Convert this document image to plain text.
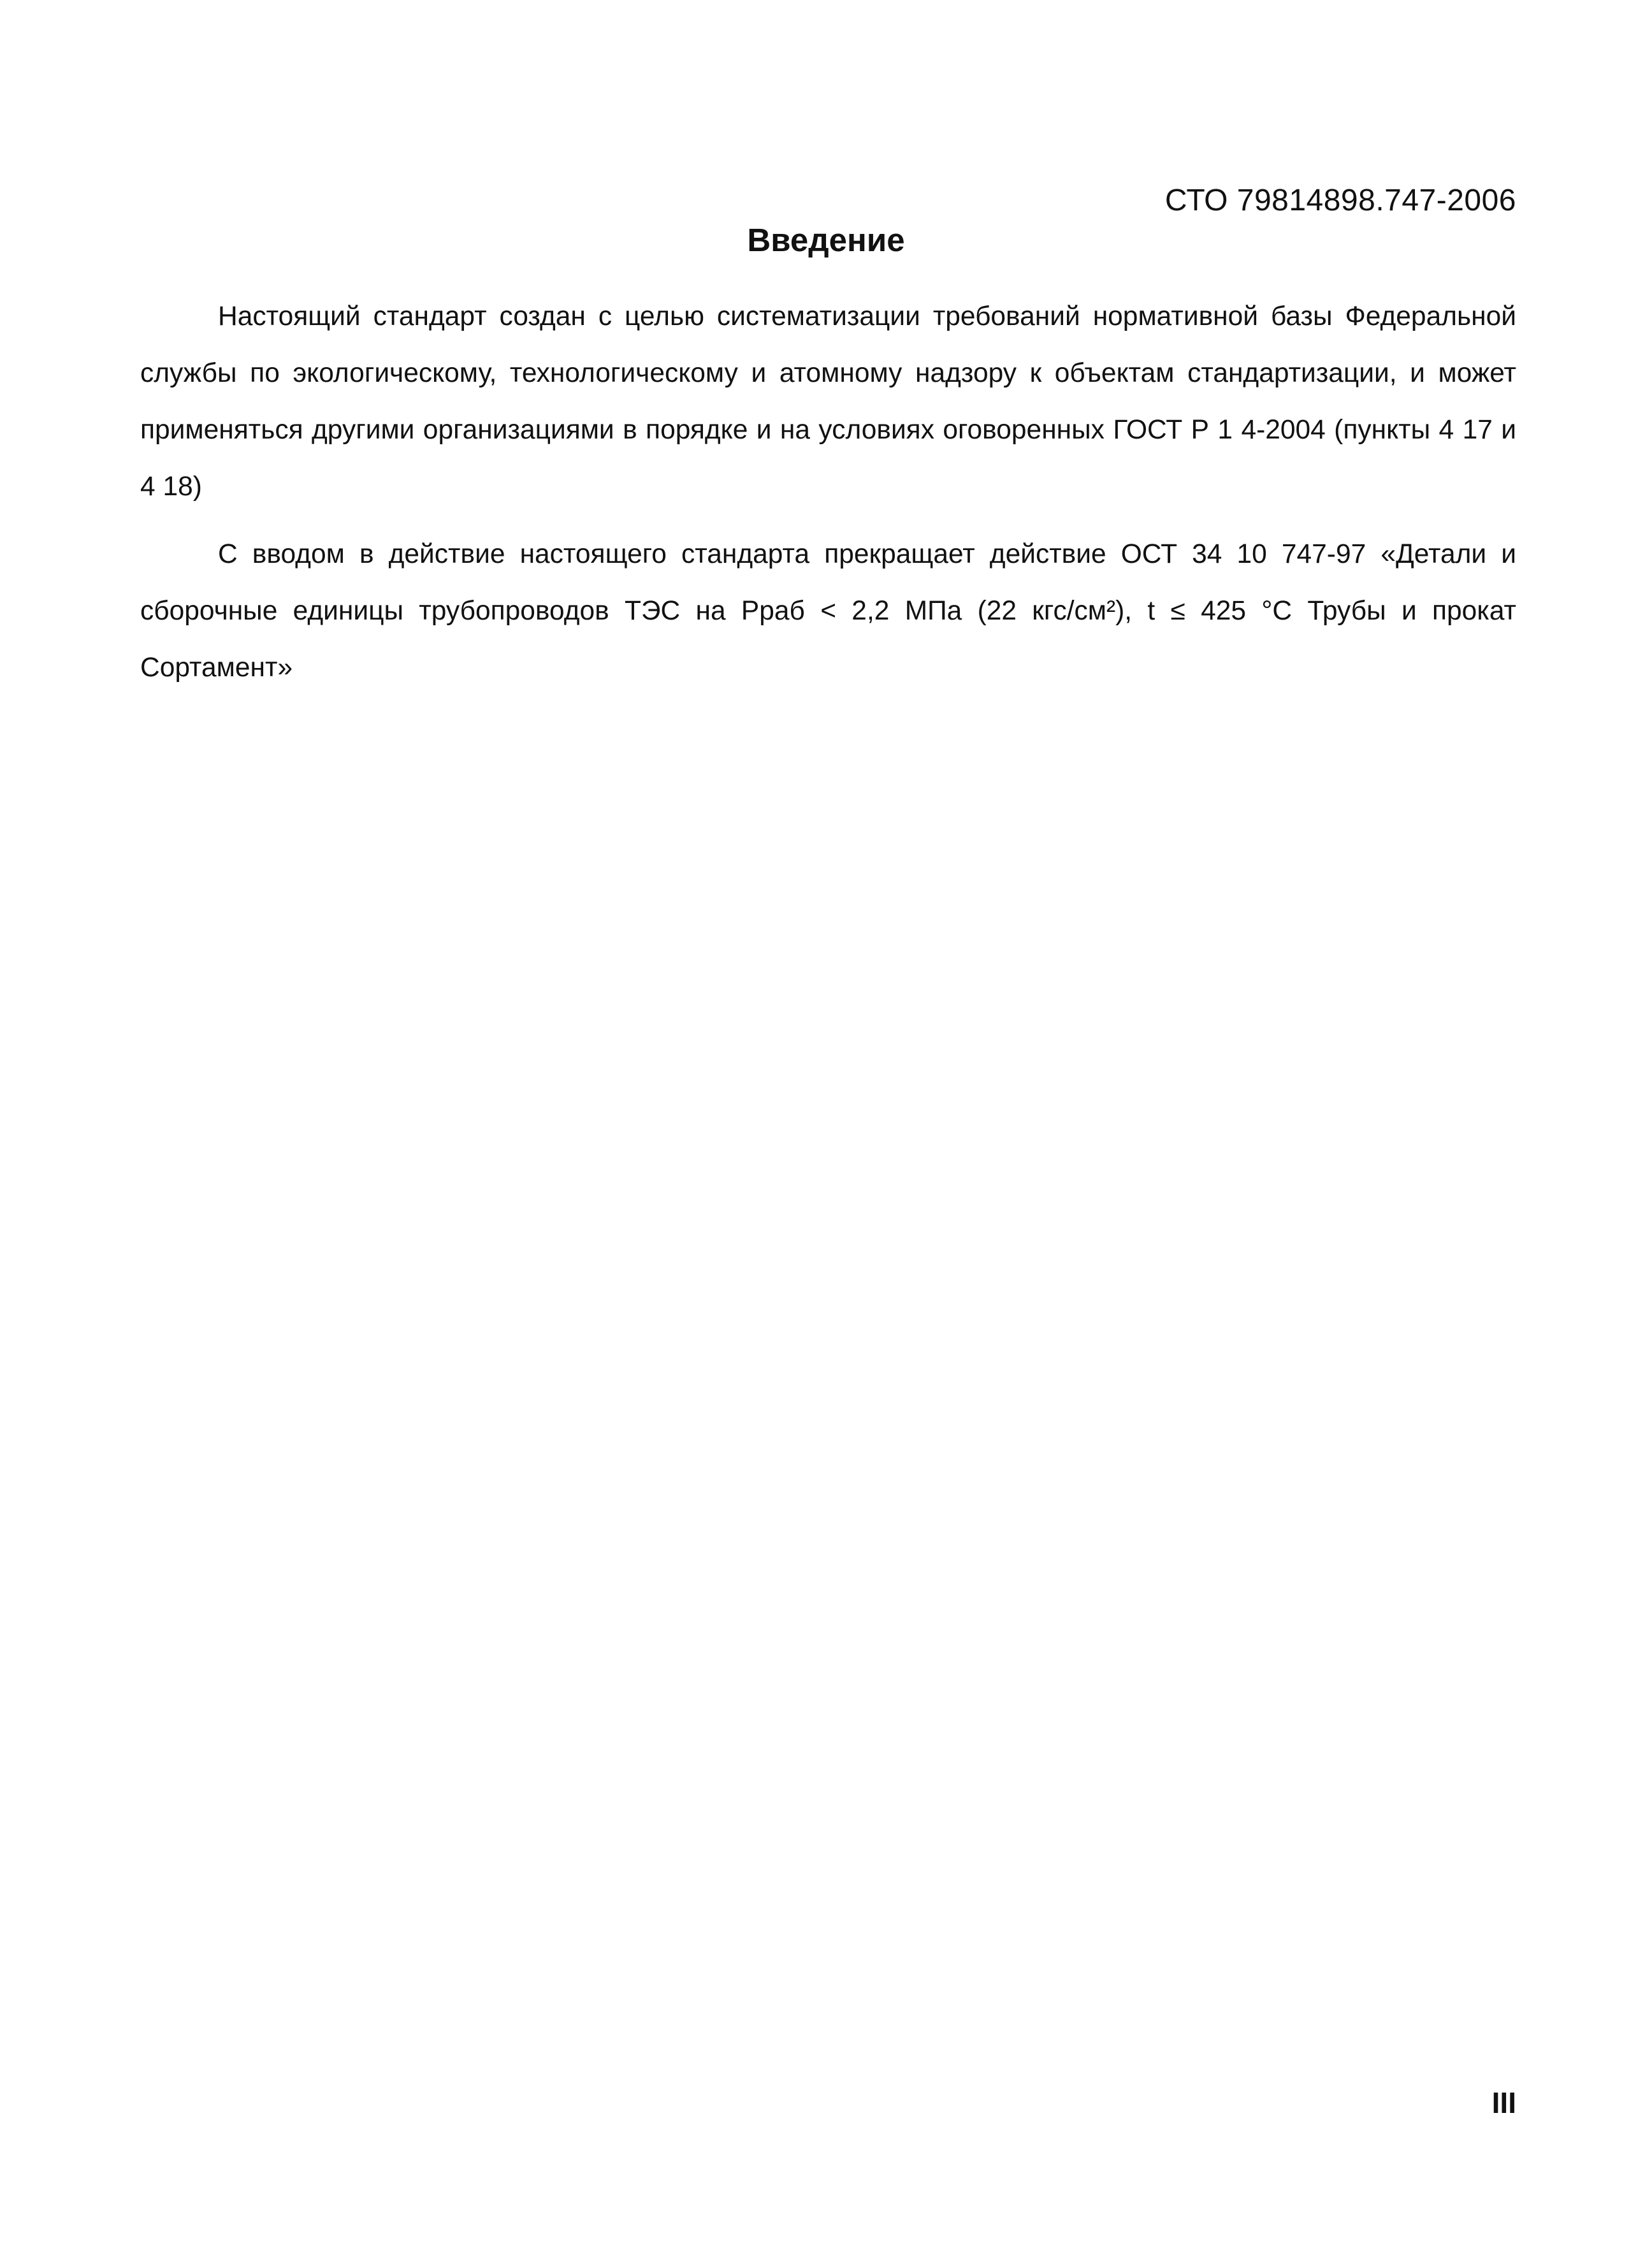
СТО 79814898.747-2006
Введение

Настоящий стандарт создан с целью систематизации требований нормативной базы Федеральной службы по экологическому, технологическому и атомному надзору к объектам стандартизации, и может применяться другими организациями в порядке и на условиях оговоренных ГОСТ Р 1 4-2004 (пункты 4 17 и 4 18)

С вводом в действие настоящего стандарта прекращает действие ОСТ 34 10 747-97 «Детали и сборочные единицы трубопроводов ТЭС на Рраб < 2,2 МПа (22 кгс/см²), t ≤ 425 °С Трубы и прокат Сортамент»

III
